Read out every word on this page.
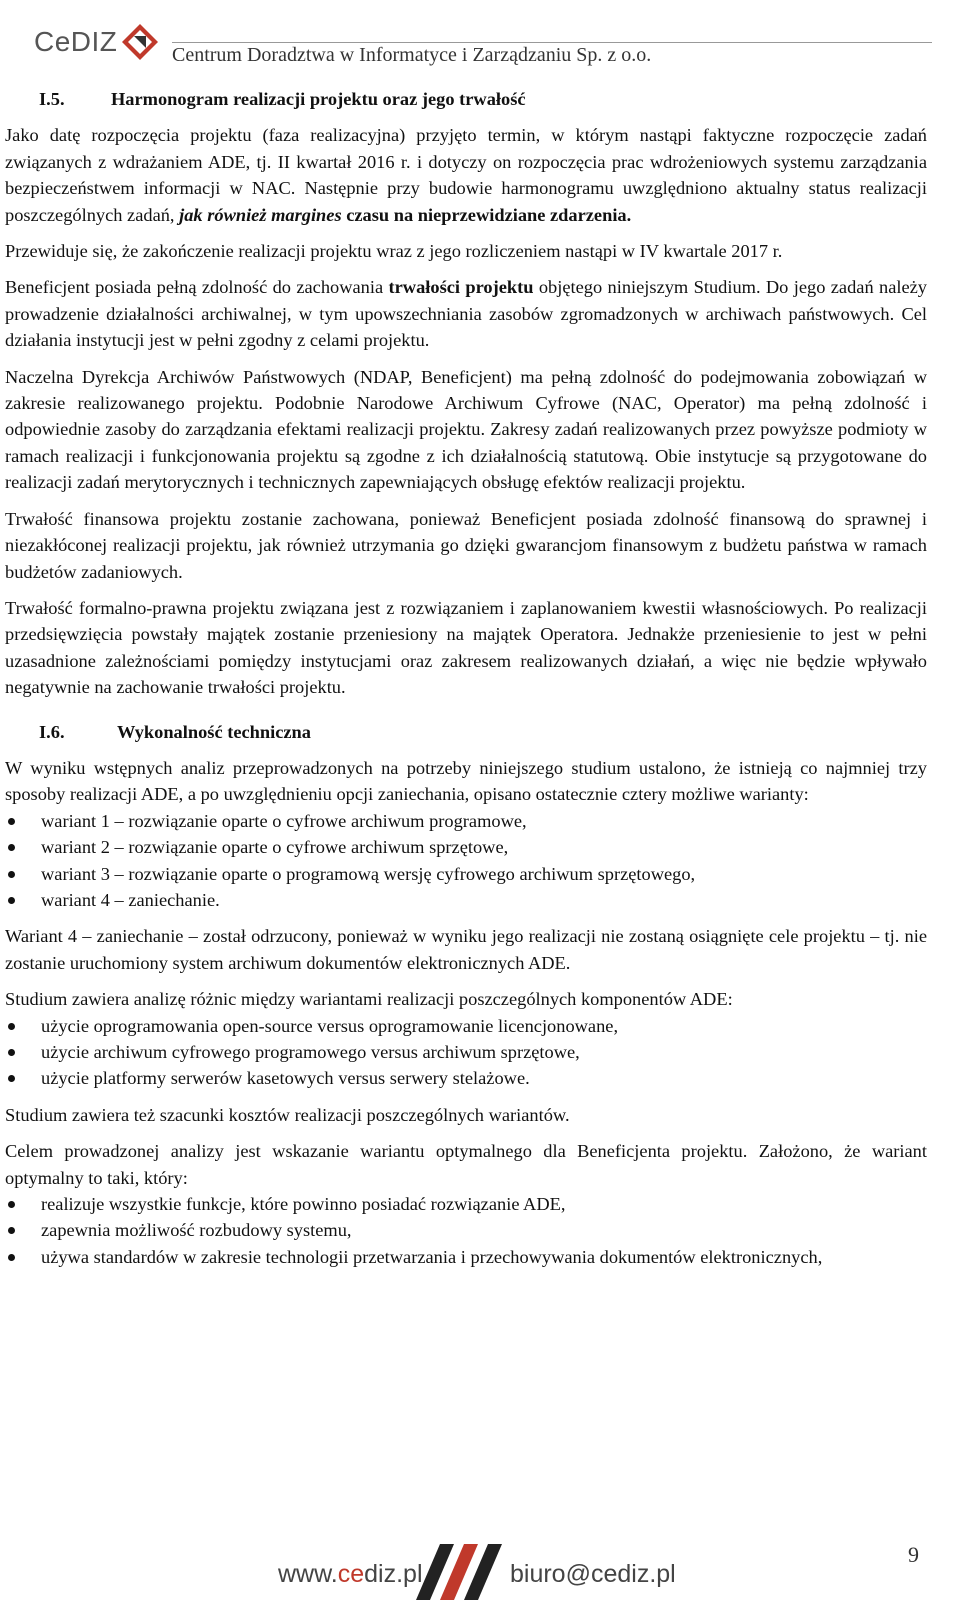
CeDIZ	Centrum Doradztwa w Informatyce i Zarządzaniu Sp. z o.o.
I.5.	Harmonogram realizacji projektu oraz jego trwałość

Jako datę rozpoczęcia projektu (faza realizacyjna) przyjęto termin, w którym nastąpi faktyczne rozpoczęcie zadań związanych z wdrażaniem ADE, tj. II kwartał 2016 r. i dotyczy on rozpoczęcia prac wdrożeniowych systemu zarządzania bezpieczeństwem informacji w NAC. Następnie przy budowie harmonogramu uwzględniono aktualny status realizacji poszczególnych zadań, jak również margines czasu na nieprzewidziane zdarzenia.

Przewiduje się, że zakończenie realizacji projektu wraz z jego rozliczeniem nastąpi w IV kwartale 2017 r.

Beneficjent posiada pełną zdolność do zachowania trwałości projektu objętego niniejszym Studium. Do jego zadań należy prowadzenie działalności archiwalnej, w tym upowszechniania zasobów zgromadzonych w archiwach państwowych. Cel działania instytucji jest w pełni zgodny z celami projektu.

Naczelna Dyrekcja Archiwów Państwowych (NDAP, Beneficjent) ma pełną zdolność do podejmowania zobowiązań w zakresie realizowanego projektu. Podobnie Narodowe Archiwum Cyfrowe (NAC, Operator) ma pełną zdolność i odpowiednie zasoby do zarządzania efektami realizacji projektu. Zakresy zadań realizowanych przez powyższe podmioty w ramach realizacji i funkcjonowania projektu są zgodne z ich działalnością statutową. Obie instytucje są przygotowane do realizacji zadań merytorycznych i technicznych zapewniających obsługę efektów realizacji projektu.

Trwałość finansowa projektu zostanie zachowana, ponieważ Beneficjent posiada zdolność finansową do sprawnej i niezakłóconej realizacji projektu, jak również utrzymania go dzięki gwarancjom finansowym z budżetu państwa w ramach budżetów zadaniowych.

Trwałość formalno-prawna projektu związana jest z rozwiązaniem i zaplanowaniem kwestii własnościowych. Po realizacji przedsięwzięcia powstały majątek zostanie przeniesiony na majątek Operatora. Jednakże przeniesienie to jest w pełni uzasadnione zależnościami pomiędzy instytucjami oraz zakresem realizowanych działań, a więc nie będzie wpływało negatywnie na zachowanie trwałości projektu.

I.6.	Wykonalność techniczna

W wyniku wstępnych analiz przeprowadzonych na potrzeby niniejszego studium ustalono, że istnieją co najmniej trzy sposoby realizacji ADE, a po uwzględnieniu opcji zaniechania, opisano ostatecznie cztery możliwe warianty:

wariant 1 – rozwiązanie oparte o cyfrowe archiwum programowe,
wariant 2 – rozwiązanie oparte o cyfrowe archiwum sprzętowe,
wariant 3 – rozwiązanie oparte o programową wersję cyfrowego archiwum sprzętowego,
wariant 4 – zaniechanie.

Wariant 4 – zaniechanie – został odrzucony, ponieważ w wyniku jego realizacji nie zostaną osiągnięte cele projektu – tj. nie zostanie uruchomiony system archiwum dokumentów elektronicznych ADE.

Studium zawiera analizę różnic między wariantami realizacji poszczególnych komponentów ADE:

użycie oprogramowania open-source versus oprogramowanie licencjonowane,
użycie archiwum cyfrowego programowego versus archiwum sprzętowe,
użycie platformy serwerów kasetowych versus serwery stelażowe.

Studium zawiera też szacunki kosztów realizacji poszczególnych wariantów.

Celem prowadzonej analizy jest wskazanie wariantu optymalnego dla Beneficjenta projektu. Założono, że wariant optymalny to taki, który:

realizuje wszystkie funkcje, które powinno posiadać rozwiązanie ADE,
zapewnia możliwość rozbudowy systemu,
używa standardów w zakresie technologii przetwarzania i przechowywania dokumentów elektronicznych,
www.cediz.pl	biuro@cediz.pl
9
